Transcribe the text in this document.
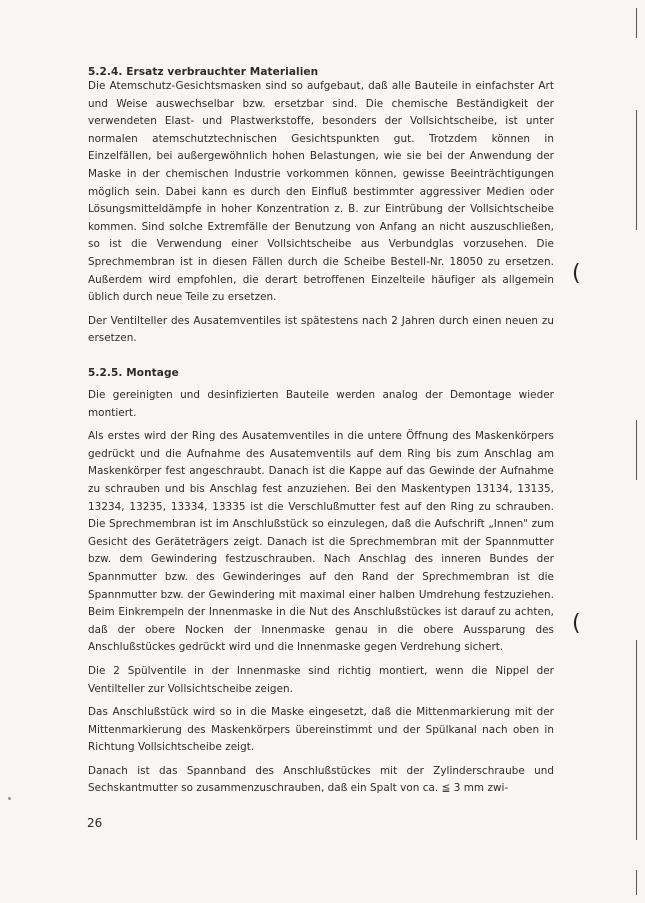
5.2.4. Ersatz verbrauchter Materialien

Die Atemschutz-Gesichtsmasken sind so aufgebaut, daß alle Bauteile in einfachster Art und Weise auswechselbar bzw. ersetzbar sind. Die chemische Beständigkeit der verwendeten Elast- und Plastwerkstoffe, besonders der Vollsichtscheibe, ist unter normalen atemschutztechnischen Gesichtspunkten gut. Trotzdem können in Einzelfällen, bei außergewöhnlich hohen Belastungen, wie sie bei der Anwendung der Maske in der chemischen Industrie vorkommen können, gewisse Beeinträchtigungen möglich sein. Dabei kann es durch den Einfluß bestimmter aggressiver Medien oder Lösungsmitteldämpfe in hoher Konzentration z. B. zur Eintrübung der Vollsichtscheibe kommen. Sind solche Extremfälle der Benutzung von Anfang an nicht auszuschließen, so ist die Verwendung einer Vollsichtscheibe aus Verbundglas vorzusehen. Die Sprechmembran ist in diesen Fällen durch die Scheibe Bestell-Nr. 18050 zu ersetzen. Außerdem wird empfohlen, die derart betroffenen Einzelteile häufiger als allgemein üblich durch neue Teile zu ersetzen.

Der Ventilteller des Ausatemventiles ist spätestens nach 2 Jahren durch einen neuen zu ersetzen.

5.2.5. Montage

Die gereinigten und desinfizierten Bauteile werden analog der Demontage wieder montiert.

Als erstes wird der Ring des Ausatemventiles in die untere Öffnung des Maskenkörpers gedrückt und die Aufnahme des Ausatemventils auf dem Ring bis zum Anschlag am Maskenkörper fest angeschraubt. Danach ist die Kappe auf das Gewinde der Aufnahme zu schrauben und bis Anschlag fest anzuziehen. Bei den Maskentypen 13134, 13135, 13234, 13235, 13334, 13335 ist die Verschlußmutter fest auf den Ring zu schrauben. Die Sprechmembran ist im Anschlußstück so einzulegen, daß die Aufschrift „Innen" zum Gesicht des Geräteträgers zeigt. Danach ist die Sprechmembran mit der Spannmutter bzw. dem Gewindering festzuschrauben. Nach Anschlag des inneren Bundes der Spannmutter bzw. des Gewinderinges auf den Rand der Sprechmembran ist die Spannmutter bzw. der Gewindering mit maximal einer halben Umdrehung festzuziehen. Beim Einkrempeln der Innenmaske in die Nut des Anschlußstückes ist darauf zu achten, daß der obere Nocken der Innenmaske genau in die obere Aussparung des Anschlußstückes gedrückt wird und die Innenmaske gegen Verdrehung sichert.

Die 2 Spülventile in der Innenmaske sind richtig montiert, wenn die Nippel der Ventilteller zur Vollsichtscheibe zeigen.

Das Anschlußstück wird so in die Maske eingesetzt, daß die Mittenmarkierung mit der Mittenmarkierung des Maskenkörpers übereinstimmt und der Spülkanal nach oben in Richtung Vollsichtscheibe zeigt.

Danach ist das Spannband des Anschlußstückes mit der Zylinderschraube und Sechskantmutter so zusammenzuschrauben, daß ein Spalt von ca. ≦ 3 mm zwi-

26
(
(
